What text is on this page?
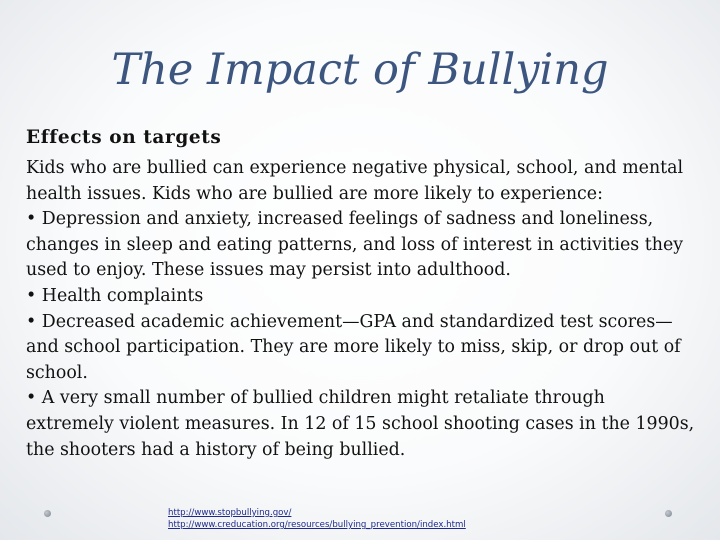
The Impact of Bullying
Effects on targets

Kids who are bullied can experience negative physical, school, and mental health issues. Kids who are bullied are more likely to experience:

• Depression and anxiety, increased feelings of sadness and loneliness, changes in sleep and eating patterns, and loss of interest in activities they used to enjoy. These issues may persist into adulthood.

• Health complaints

• Decreased academic achievement—GPA and standardized test scores—and school participation. They are more likely to miss, skip, or drop out of school.

• A very small number of bullied children might retaliate through extremely violent measures. In 12 of 15 school shooting cases in the 1990s, the shooters had a history of being bullied.

http://www.stopbullying.gov/
http://www.creducation.org/resources/bullying_prevention/index.html
